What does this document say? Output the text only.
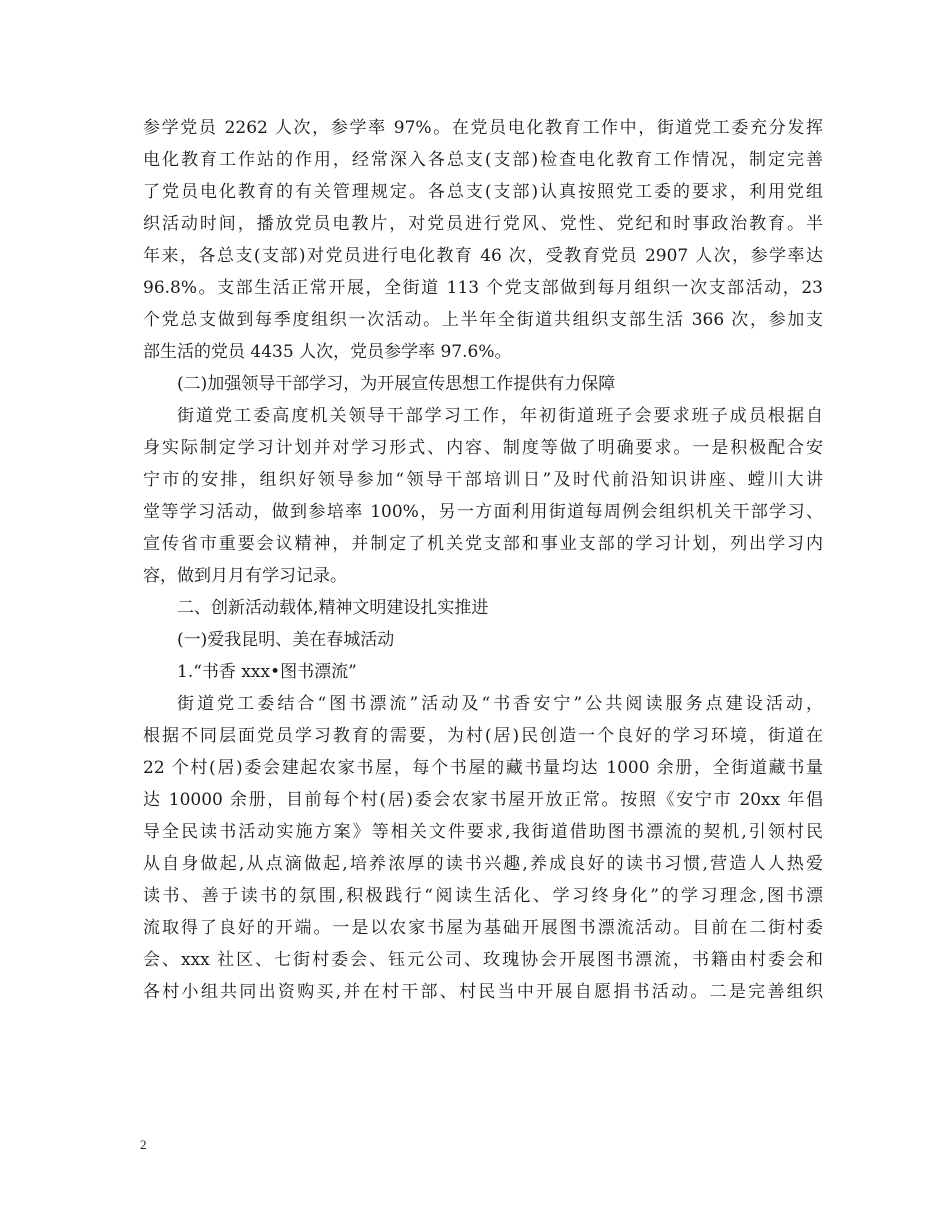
参学党员 2262 人次，参学率 97%。在党员电化教育工作中，街道党工委充分发挥
电化教育工作站的作用，经常深入各总支(支部)检查电化教育工作情况，制定完善
了党员电化教育的有关管理规定。各总支(支部)认真按照党工委的要求，利用党组
织活动时间，播放党员电教片，对党员进行党风、党性、党纪和时事政治教育。半
年来，各总支(支部)对党员进行电化教育 46 次，受教育党员 2907 人次，参学率达
96.8%。支部生活正常开展，全街道 113 个党支部做到每月组织一次支部活动，23
个党总支做到每季度组织一次活动。上半年全街道共组织支部生活 366 次，参加支
部生活的党员 4435 人次，党员参学率 97.6%。
(二)加强领导干部学习，为开展宣传思想工作提供有力保障
街道党工委高度机关领导干部学习工作，年初街道班子会要求班子成员根据自
身实际制定学习计划并对学习形式、内容、制度等做了明确要求。一是积极配合安
宁市的安排，组织好领导参加“领导干部培训日”及时代前沿知识讲座、螳川大讲
堂等学习活动，做到参培率 100%，另一方面利用街道每周例会组织机关干部学习、
宣传省市重要会议精神，并制定了机关党支部和事业支部的学习计划，列出学习内
容，做到月月有学习记录。
二、创新活动载体,精神文明建设扎实推进
(一)爱我昆明、美在春城活动
1.“书香 xxx•图书漂流”
街道党工委结合“图书漂流”活动及“书香安宁”公共阅读服务点建设活动，
根据不同层面党员学习教育的需要，为村(居)民创造一个良好的学习环境，街道在
22 个村(居)委会建起农家书屋，每个书屋的藏书量均达 1000 余册，全街道藏书量
达 10000 余册，目前每个村(居)委会农家书屋开放正常。按照《安宁市 20xx 年倡
导全民读书活动实施方案》等相关文件要求,我街道借助图书漂流的契机,引领村民
从自身做起,从点滴做起,培养浓厚的读书兴趣,养成良好的读书习惯,营造人人热爱
读书、善于读书的氛围,积极践行“阅读生活化、学习终身化”的学习理念,图书漂
流取得了良好的开端。一是以农家书屋为基础开展图书漂流活动。目前在二街村委
会、xxx 社区、七街村委会、钰元公司、玫瑰协会开展图书漂流，书籍由村委会和
各村小组共同出资购买,并在村干部、村民当中开展自愿捐书活动。二是完善组织
2
